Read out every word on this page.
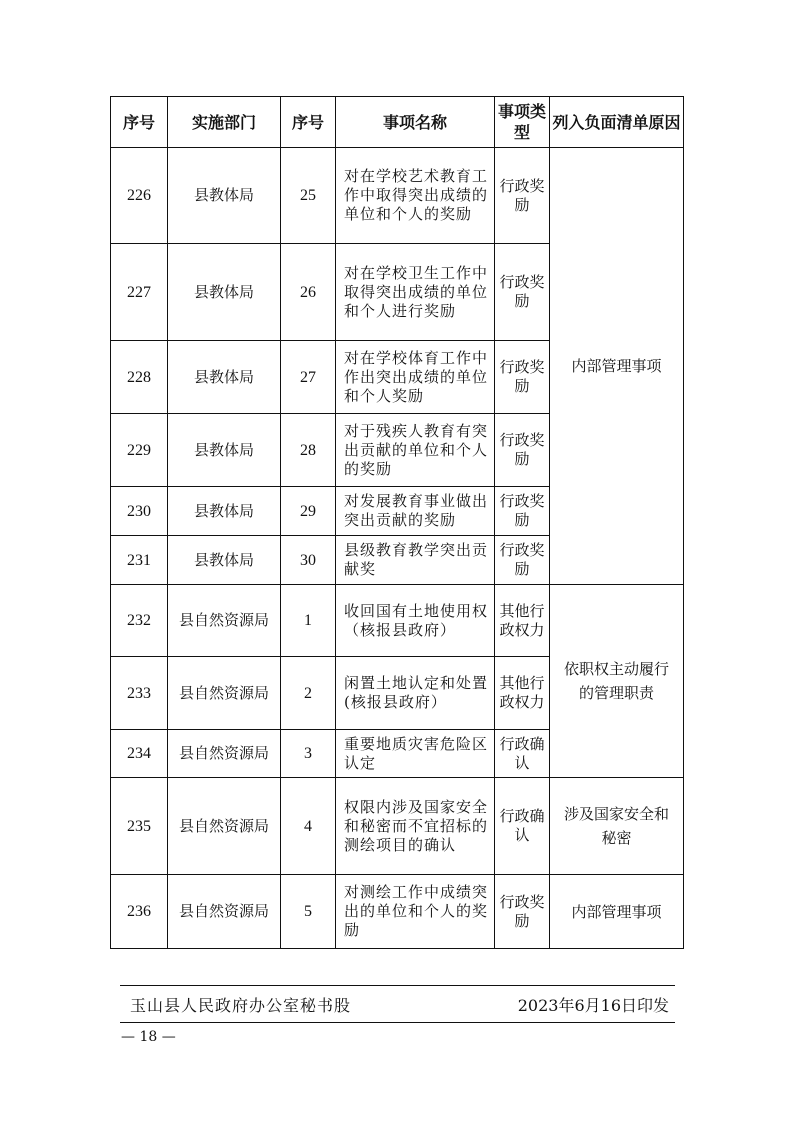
序号	实施部门	序号	事项名称	事项类型	列入负面清单原因
226	县教体局	25	对在学校艺术教育工作中取得突出成绩的单位和个人的奖励	行政奖励	内部管理事项
227	县教体局	26	对在学校卫生工作中取得突出成绩的单位和个人进行奖励	行政奖励	
228	县教体局	27	对在学校体育工作中作出突出成绩的单位和个人奖励	行政奖励	
229	县教体局	28	对于残疾人教育有突出贡献的单位和个人的奖励	行政奖励	
230	县教体局	29	对发展教育事业做出突出贡献的奖励	行政奖励	
231	县教体局	30	县级教育教学突出贡献奖	行政奖励	
232	县自然资源局	1	收回国有土地使用权（核报县政府）	其他行政权力	依职权主动履行的管理职责
233	县自然资源局	2	闲置土地认定和处置(核报县政府）	其他行政权力	
234	县自然资源局	3	重要地质灾害危险区认定	行政确认	
235	县自然资源局	4	权限内涉及国家安全和秘密而不宜招标的测绘项目的确认	行政确认	涉及国家安全和秘密
236	县自然资源局	5	对测绘工作中成绩突出的单位和个人的奖励	行政奖励	内部管理事项
玉山县人民政府办公室秘书股	2023年6月16日印发
— 18 —
